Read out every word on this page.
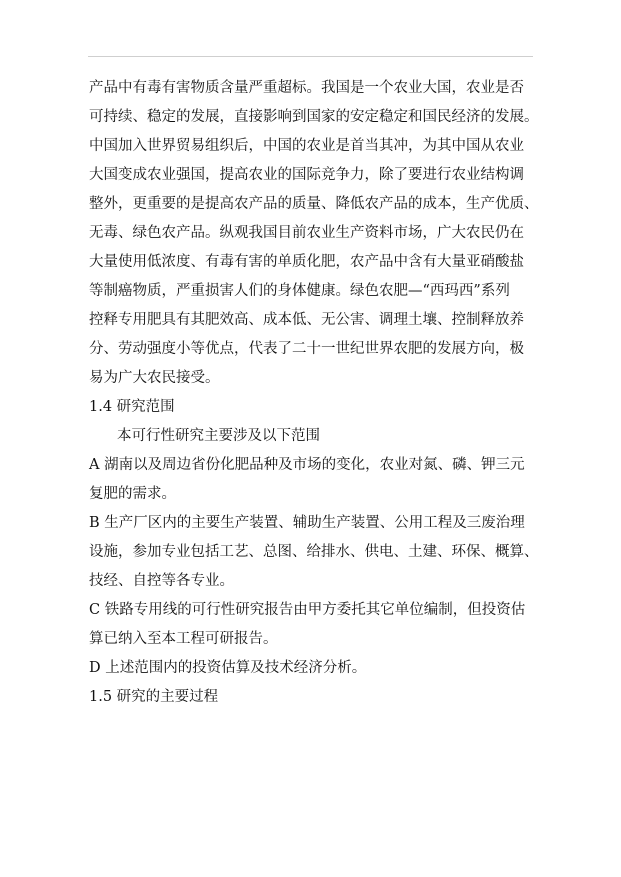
产品中有毒有害物质含量严重超标。我国是一个农业大国，农业是否
可持续、稳定的发展，直接影响到国家的安定稳定和国民经济的发展。
中国加入世界贸易组织后，中国的农业是首当其冲，为其中国从农业
大国变成农业强国，提高农业的国际竞争力，除了要进行农业结构调
整外，更重要的是提高农产品的质量、降低农产品的成本，生产优质、
无毒、绿色农产品。纵观我国目前农业生产资料市场，广大农民仍在
大量使用低浓度、有毒有害的单质化肥，农产品中含有大量亚硝酸盐
等制癌物质，严重损害人们的身体健康。绿色农肥—“西玛西”系列
控释专用肥具有其肥效高、成本低、无公害、调理土壤、控制释放养
分、劳动强度小等优点，代表了二十一世纪世界农肥的发展方向，极
易为广大农民接受。
1.4 研究范围
本可行性研究主要涉及以下范围
A 湖南以及周边省份化肥品种及市场的变化，农业对氮、磷、钾三元
复肥的需求。
B 生产厂区内的主要生产装置、辅助生产装置、公用工程及三废治理
设施，参加专业包括工艺、总图、给排水、供电、土建、环保、概算、
技经、自控等各专业。
C 铁路专用线的可行性研究报告由甲方委托其它单位编制，但投资估
算已纳入至本工程可研报告。
D 上述范围内的投资估算及技术经济分析。
1.5 研究的主要过程
